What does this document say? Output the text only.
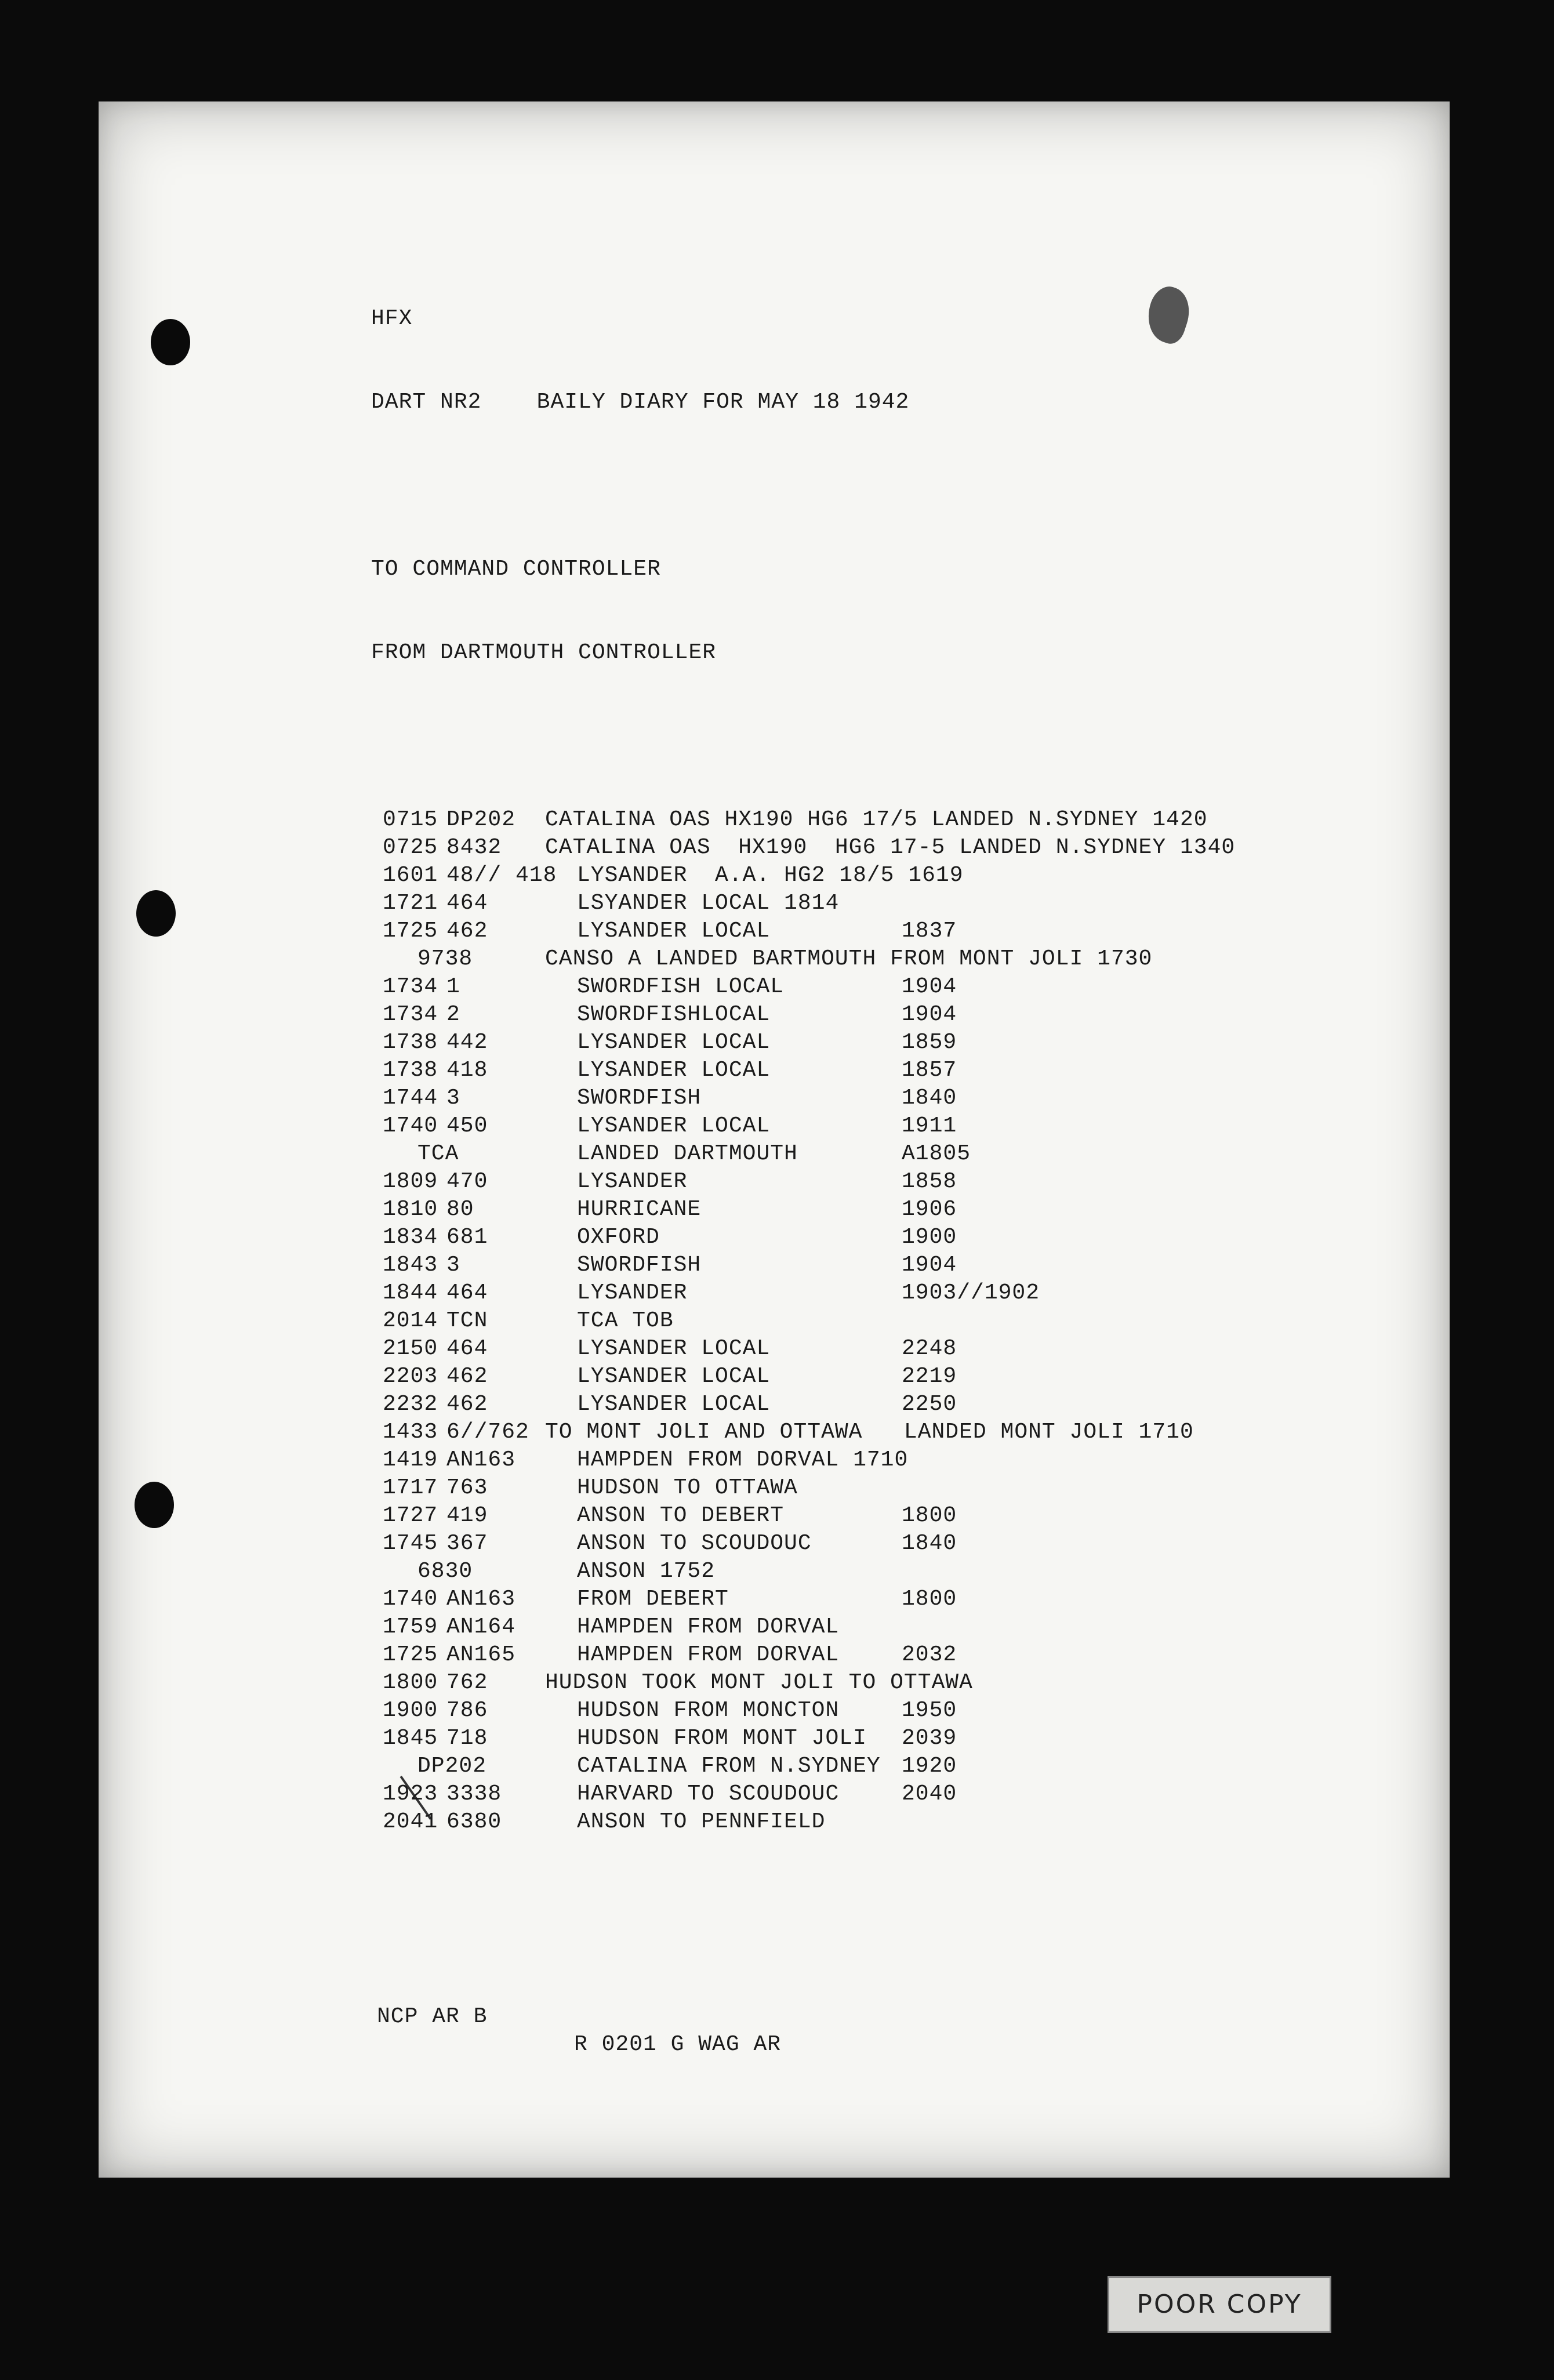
HFX

DART NR2	BAILY DIARY FOR MAY 18 1942

TO COMMAND CONTROLLER

FROM DARTMOUTH CONTROLLER

0715 DP202 CATALINA OAS HX190 HG6 17/5 LANDED N.SYDNEY 1420
0725 8432 CATALINA OAS  HX190  HG6 17-5 LANDED N.SYDNEY 1340
1601 48// 418 LYSANDER  A.A. HG2 18/5 1619
1721 464	LSYANDER LOCAL 1814
1725 462	LYSANDER LOCAL	1837
9738	CANSO A LANDED BARTMOUTH FROM MONT JOLI 1730
1734 1	SWORDFISH LOCAL	1904
1734 2	SWORDFISHLOCAL	1904
1738 442	LYSANDER LOCAL	1859
1738 418	LYSANDER LOCAL	1857
1744 3	SWORDFISH	1840
1740 450	LYSANDER LOCAL	1911
TCA	LANDED DARTMOUTH	A1805
1809 470	LYSANDER	1858
1810 80	HURRICANE	1906
1834 681	OXFORD	1900
1843 3	SWORDFISH	1904
1844 464	LYSANDER	1903//1902
2014 TCN	TCA TOB
2150 464	LYSANDER LOCAL	2248
2203 462	LYSANDER LOCAL	2219
2232 462	LYSANDER LOCAL	2250
1433 6//762 TO MONT JOLI AND OTTAWA   LANDED MONT JOLI 1710
1419 AN163	HAMPDEN FROM DORVAL 1710
1717 763	HUDSON TO OTTAWA
1727 419	ANSON TO DEBERT	1800
1745 367	ANSON TO SCOUDOUC	1840
6830	ANSON 1752
1740 AN163	FROM DEBERT	1800
1759 AN164	HAMPDEN FROM DORVAL
1725 AN165	HAMPDEN FROM DORVAL	2032
1800 762	HUDSON TOOK MONT JOLI TO OTTAWA
1900 786	HUDSON FROM MONCTON	1950
1845 718	HUDSON FROM MONT JOLI 2039
DP202	CATALINA FROM N.SYDNEY 1920
1923 3338	HARVARD TO SCOUDOUC	2040
2041 6380	ANSON TO PENNFIELD

NCP AR B

R 0201 G WAG AR

POOR COPY
